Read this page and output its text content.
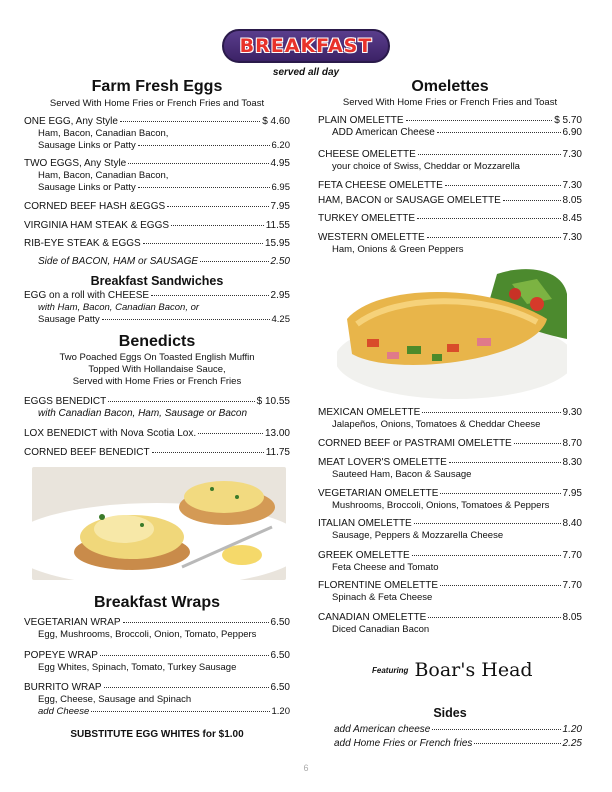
BREAKFAST
served all day
Farm Fresh Eggs
Served With Home Fries or French Fries and Toast
ONE EGG, Any Style	$ 4.60
Ham, Bacon, Canadian Bacon,
Sausage Links or Patty	6.20
TWO EGGS, Any Style	4.95
Ham, Bacon, Canadian Bacon,
Sausage Links or Patty	6.95
CORNED BEEF HASH &EGGS	7.95
VIRGINIA HAM STEAK & EGGS	11.55
RIB-EYE STEAK & EGGS	15.95
Side of BACON, HAM or SAUSAGE	2.50
Breakfast Sandwiches
EGG on a roll with CHEESE	2.95
with Ham, Bacon, Canadian Bacon, or
Sausage Patty	4.25
Benedicts
Two Poached Eggs On Toasted English Muffin
Topped With Hollandaise Sauce,
Served with Home Fries or French Fries
EGGS BENEDICT	$ 10.55
with Canadian Bacon, Ham, Sausage or Bacon
LOX BENEDICT with Nova Scotia Lox.	13.00
CORNED BEEF BENEDICT	11.75
Breakfast Wraps
VEGETARIAN WRAP	6.50
Egg, Mushrooms, Broccoli, Onion, Tomato, Peppers
POPEYE WRAP	6.50
Egg Whites, Spinach, Tomato, Turkey Sausage
BURRITO WRAP	6.50
Egg, Cheese, Sausage and Spinach
add Cheese	1.20
SUBSTITUTE EGG WHITES for $1.00
Omelettes
Served With Home Fries or French Fries and Toast
PLAIN OMELETTE	$ 5.70
ADD American Cheese	6.90
CHEESE OMELETTE	7.30
your choice of Swiss, Cheddar or Mozzarella
FETA CHEESE OMELETTE	7.30
HAM, BACON or SAUSAGE OMELETTE	8.05
TURKEY OMELETTE	8.45
WESTERN OMELETTE	7.30
Ham, Onions & Green Peppers
MEXICAN OMELETTE	9.30
Jalapeños, Onions, Tomatoes & Cheddar Cheese
CORNED BEEF or PASTRAMI OMELETTE	8.70
MEAT LOVER'S OMELETTE	8.30
Sauteed Ham, Bacon & Sausage
VEGETARIAN OMELETTE	7.95
Mushrooms, Broccoli, Onions, Tomatoes & Peppers
ITALIAN OMELETTE	8.40
Sausage, Peppers & Mozzarella Cheese
GREEK OMELETTE	7.70
Feta Cheese and Tomato
FLORENTINE OMELETTE	7.70
Spinach & Feta Cheese
CANADIAN OMELETTE	8.05
Diced Canadian Bacon
Sides
add American cheese	1.20
add Home Fries or French fries	2.25
Featuring Boar's Head
6
